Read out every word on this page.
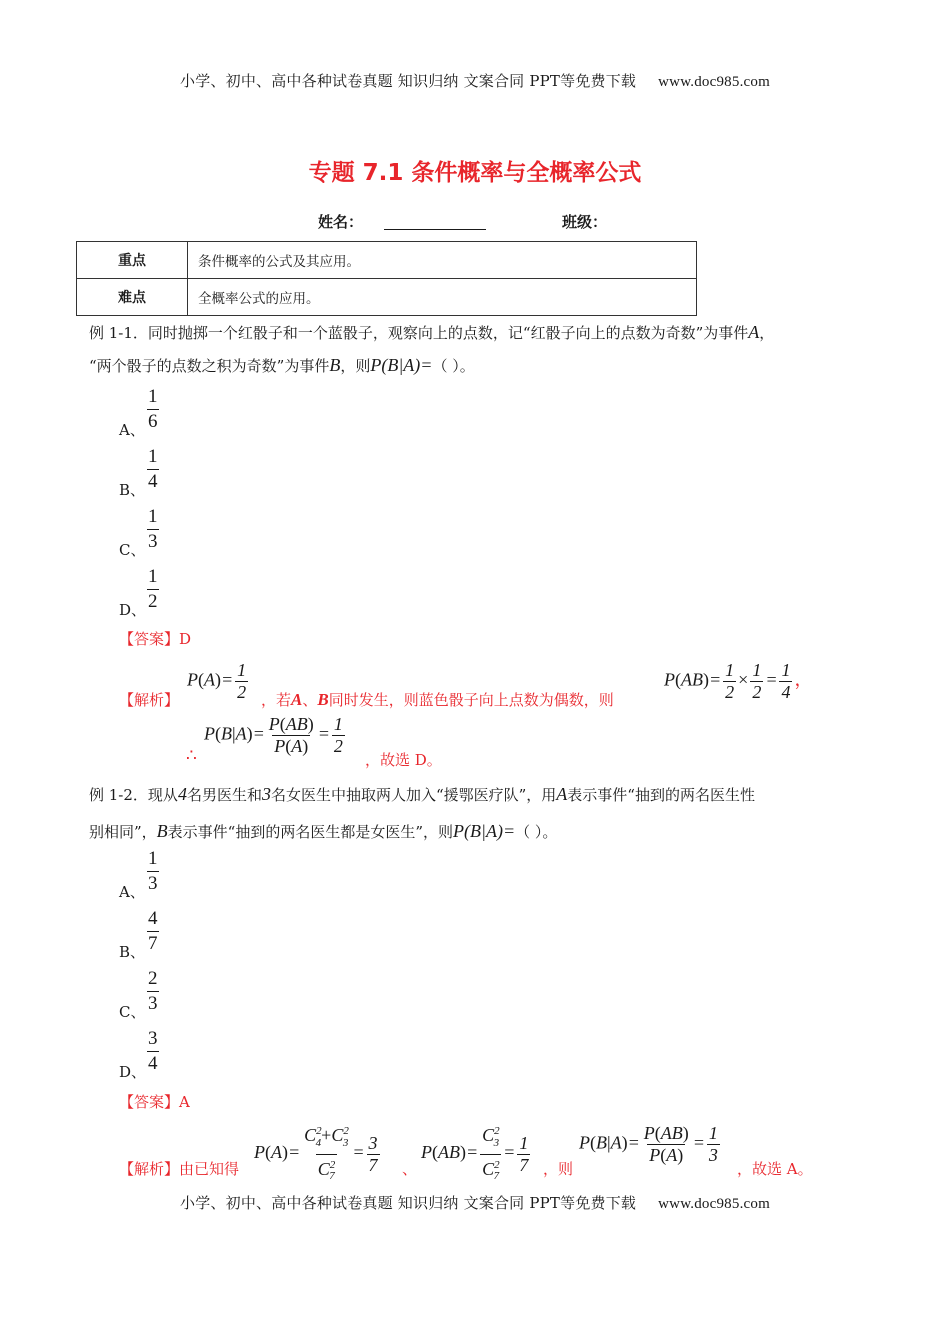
小学、初中、高中各种试卷真题 知识归纳 文案合同 PPT等免费下载 www.doc985.com
专题 7.1 条件概率与全概率公式
姓名：	班级：
重点	条件概率的公式及其应用。
难点	全概率公式的应用。
例 1-1．同时抛掷一个红骰子和一个蓝骰子，观察向上的点数，记“红骰子向上的点数为奇数”为事件A，
“两个骰子的点数之积为奇数”为事件B，则P(B|A)=（ ）。
A、 $\frac{1}{6}$
B、 $\frac{1}{4}$
C、 $\frac{1}{3}$
D、 $\frac{1}{2}$
【答案】D
【解析】
$P(A)= \frac{1}{2}$ ，若A、B同时发生，则蓝色骰子向上点数为偶数，则
$P(AB)= \frac{1}{2} \times \frac{1}{2} = \frac{1}{4}$ ，
∴
$P(B|A)= \frac{P(AB)}{P(A)} = \frac{1}{2}$
，故选 D。
例 1-2．现从4名男医生和3名女医生中抽取两人加入“援鄂医疗队”，用A表示事件“抽到的两名医生性
别相同”，B表示事件“抽到的两名医生都是女医生”，则P(B|A)=（ ）。
A、 $\frac{1}{3}$
B、 $\frac{4}{7}$
C、 $\frac{2}{3}$
D、 $\frac{3}{4}$
【答案】A
【解析】由已知得
$P(A)= \frac{C^2_4+C^2_3}{C^2_7} = \frac{3}{7}$ 、
$P(AB)= \frac{C^2_3}{C^2_7} = \frac{1}{7}$ ，则
$P(B|A)= \frac{P(AB)}{P(A)} = \frac{1}{3}$
，故选 A。
小学、初中、高中各种试卷真题 知识归纳 文案合同 PPT等免费下载 www.doc985.com
